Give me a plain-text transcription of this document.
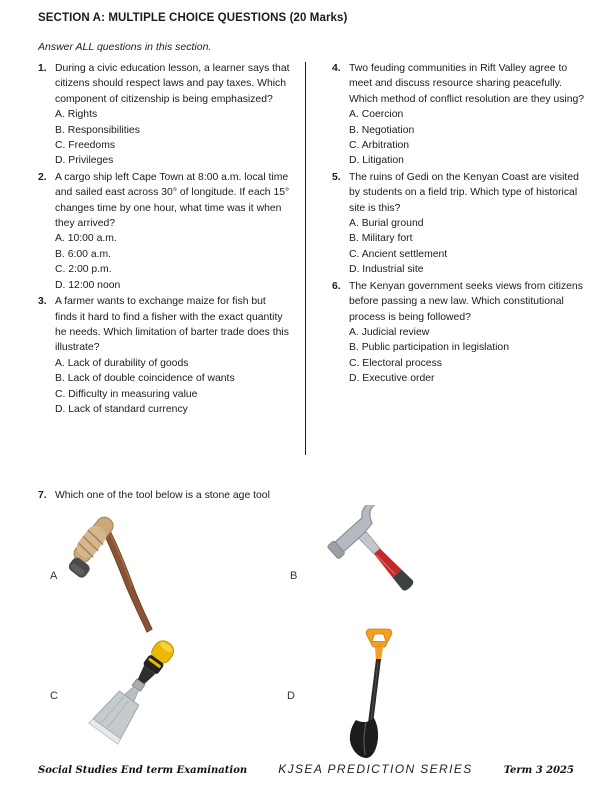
SECTION A: MULTIPLE CHOICE QUESTIONS (20 Marks)
Answer ALL questions in this section.
1. During a civic education lesson, a learner says that citizens should respect laws and pay taxes. Which component of citizenship is being emphasized?
A. Rights
B. Responsibilities
C. Freedoms
D. Privileges
2. A cargo ship left Cape Town at 8:00 a.m. local time and sailed east across 30° of longitude. If each 15° changes time by one hour, what time was it when they arrived?
A. 10:00 a.m.
B. 6:00 a.m.
C. 2:00 p.m.
D. 12:00 noon
3. A farmer wants to exchange maize for fish but finds it hard to find a fisher with the exact quantity he needs. Which limitation of barter trade does this illustrate?
A. Lack of durability of goods
B. Lack of double coincidence of wants
C. Difficulty in measuring value
D. Lack of standard currency
4. Two feuding communities in Rift Valley agree to meet and discuss resource sharing peacefully. Which method of conflict resolution are they using?
A. Coercion
B. Negotiation
C. Arbitration
D. Litigation
5. The ruins of Gedi on the Kenyan Coast are visited by students on a field trip. Which type of historical site is this?
A. Burial ground
B. Military fort
C. Ancient settlement
D. Industrial site
6. The Kenyan government seeks views from citizens before passing a new law. Which constitutional process is being followed?
A. Judicial review
B. Public participation in legislation
C. Electoral process
D. Executive order
7. Which one of the tool below is a stone age tool
A	B
C	D
Social Studies End term Examination	KJSEA PREDICTION SERIES	Term 3 2025
